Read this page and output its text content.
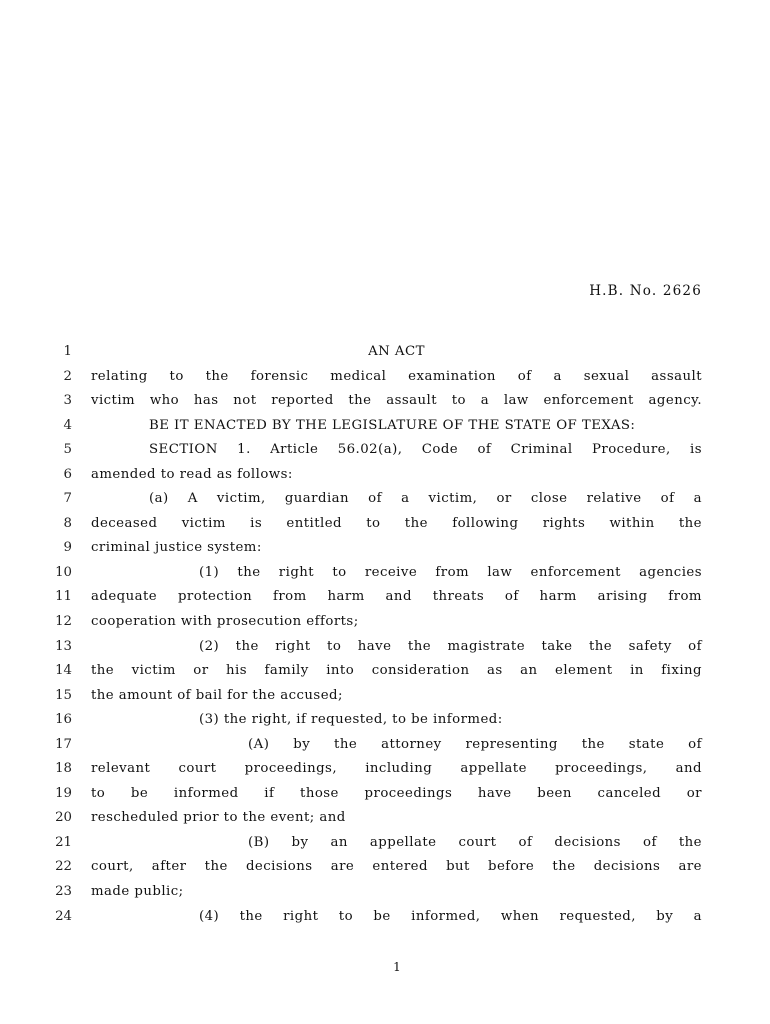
H.B. No. 2626
1	AN ACT
2 relating to the forensic medical examination of a sexual assault
3 victim who has not reported the assault to a law enforcement agency.
4	BE IT ENACTED BY THE LEGISLATURE OF THE STATE OF TEXAS:
5	SECTION 1. Article 56.02(a), Code of Criminal Procedure, is
6 amended to read as follows:
7	(a) A victim, guardian of a victim, or close relative of a
8 deceased victim is entitled to the following rights within the
9 criminal justice system:
10	(1) the right to receive from law enforcement agencies
11 adequate protection from harm and threats of harm arising from
12 cooperation with prosecution efforts;
13	(2) the right to have the magistrate take the safety of
14 the victim or his family into consideration as an element in fixing
15 the amount of bail for the accused;
16	(3) the right, if requested, to be informed:
17	(A) by the attorney representing the state of
18 relevant court proceedings, including appellate proceedings, and
19 to be informed if those proceedings have been canceled or
20 rescheduled prior to the event; and
21	(B) by an appellate court of decisions of the
22 court, after the decisions are entered but before the decisions are
23 made public;
24	(4) the right to be informed, when requested, by a
1
